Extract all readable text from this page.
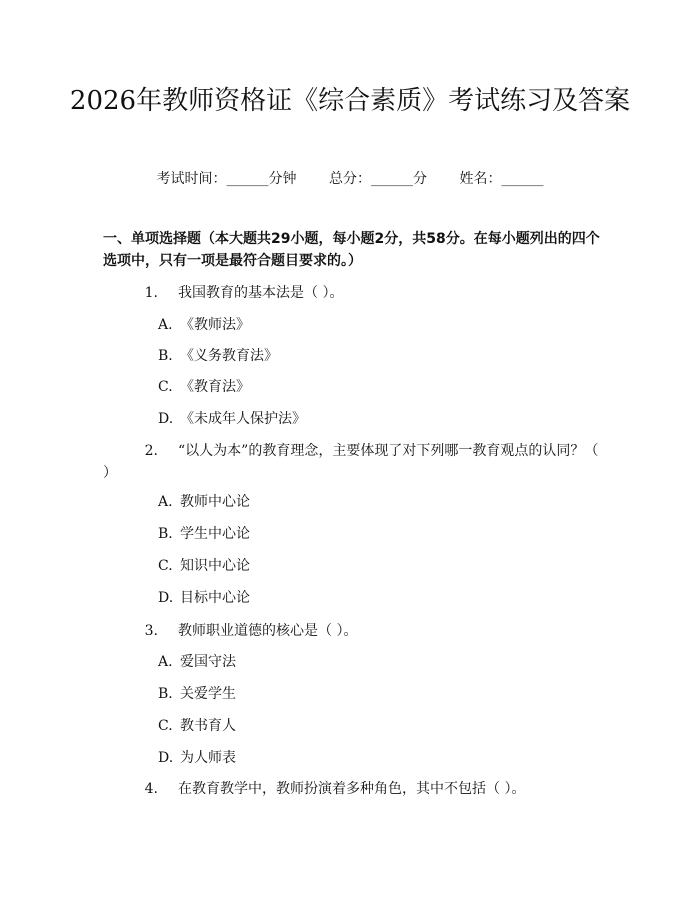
2026年教师资格证《综合素质》考试练习及答案
考试时间：______分钟 总分：______分 姓名：______
一、单项选择题（本大题共29小题，每小题2分，共58分。在每小题列出的四个选项中，只有一项是最符合题目要求的。）
1. 我国教育的基本法是（ ）。
A. 《教师法》
B. 《义务教育法》
C. 《教育法》
D. 《未成年人保护法》
2. “以人为本”的教育理念，主要体现了对下列哪一教育观点的认同？（ ）
A. 教师中心论
B. 学生中心论
C. 知识中心论
D. 目标中心论
3. 教师职业道德的核心是（ ）。
A. 爱国守法
B. 关爱学生
C. 教书育人
D. 为人师表
4. 在教育教学中，教师扮演着多种角色，其中不包括（ ）。
